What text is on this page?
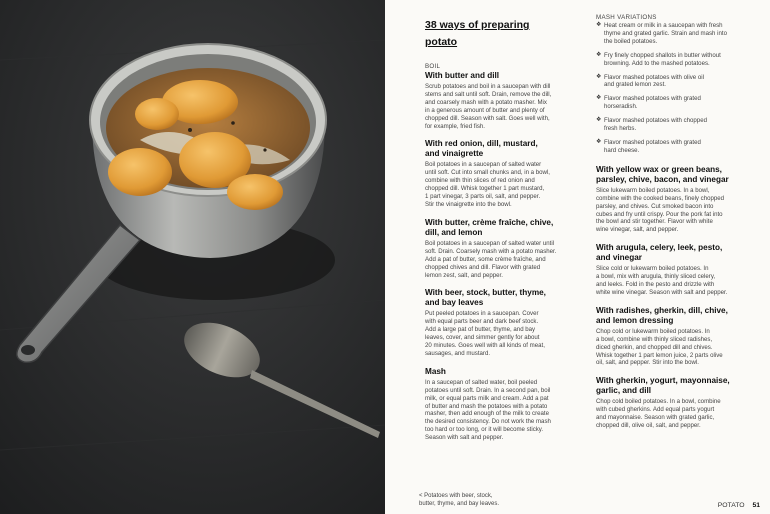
38 ways of preparing
potato
BOIL
With butter and dill
Scrub potatoes and boil in a saucepan with dill
stems and salt until soft. Drain, remove the dill,
and coarsely mash with a potato masher. Mix
in a generous amount of butter and plenty of
chopped dill. Season with salt. Goes well with,
for example, fried fish.
With red onion, dill, mustard,
and vinaigrette
Boil potatoes in a saucepan of salted water
until soft. Cut into small chunks and, in a bowl,
combine with thin slices of red onion and
chopped dill. Whisk together 1 part mustard,
1 part vinegar, 3 parts oil, salt, and pepper.
Stir the vinaigrette into the bowl.
With butter, crème fraîche, chive,
dill, and lemon
Boil potatoes in a saucepan of salted water until
soft. Drain. Coarsely mash with a potato masher.
Add a pat of butter, some crème fraîche, and
chopped chives and dill. Flavor with grated
lemon zest, salt, and pepper.
With beer, stock, butter, thyme,
and bay leaves
Put peeled potatoes in a saucepan. Cover
with equal parts beer and dark beef stock.
Add a large pat of butter, thyme, and bay
leaves, cover, and simmer gently for about
20 minutes. Goes well with all kinds of meat,
sausages, and mustard.
Mash
In a saucepan of salted water, boil peeled
potatoes until soft. Drain. In a second pan, boil
milk, or equal parts milk and cream. Add a pat
of butter and mash the potatoes with a potato
masher, then add enough of the milk to create
the desired consistency. Do not work the mash
too hard or too long, or it will become sticky.
Season with salt and pepper.
MASH VARIATIONS
❖ Heat cream or milk in a saucepan with fresh
thyme and grated garlic. Strain and mash into
the boiled potatoes.
❖ Fry finely chopped shallots in butter without
browning. Add to the mashed potatoes.
❖ Flavor mashed potatoes with olive oil
and grated lemon zest.
❖ Flavor mashed potatoes with grated
horseradish.
❖ Flavor mashed potatoes with chopped
fresh herbs.
❖ Flavor mashed potatoes with grated
hard cheese.
With yellow wax or green beans,
parsley, chive, bacon, and vinegar
Slice lukewarm boiled potatoes. In a bowl,
combine with the cooked beans, finely chopped
parsley, and chives. Cut smoked bacon into
cubes and fry until crispy. Pour the pork fat into
the bowl and stir together. Flavor with white
wine vinegar, salt, and pepper.
With arugula, celery, leek, pesto,
and vinegar
Slice cold or lukewarm boiled potatoes. In
a bowl, mix with arugula, thinly sliced celery,
and leeks. Fold in the pesto and drizzle with
white wine vinegar. Season with salt and pepper.
With radishes, gherkin, dill, chive,
and lemon dressing
Chop cold or lukewarm boiled potatoes. In
a bowl, combine with thinly sliced radishes,
diced gherkin, and chopped dill and chives.
Whisk together 1 part lemon juice, 2 parts olive
oil, salt, and pepper. Stir into the bowl.
With gherkin, yogurt, mayonnaise,
garlic, and dill
Chop cold boiled potatoes. In a bowl, combine
with cubed gherkins. Add equal parts yogurt
and mayonnaise. Season with grated garlic,
chopped dill, olive oil, salt, and pepper.
< Potatoes with beer, stock,
butter, thyme, and bay leaves.	POTATO 51
